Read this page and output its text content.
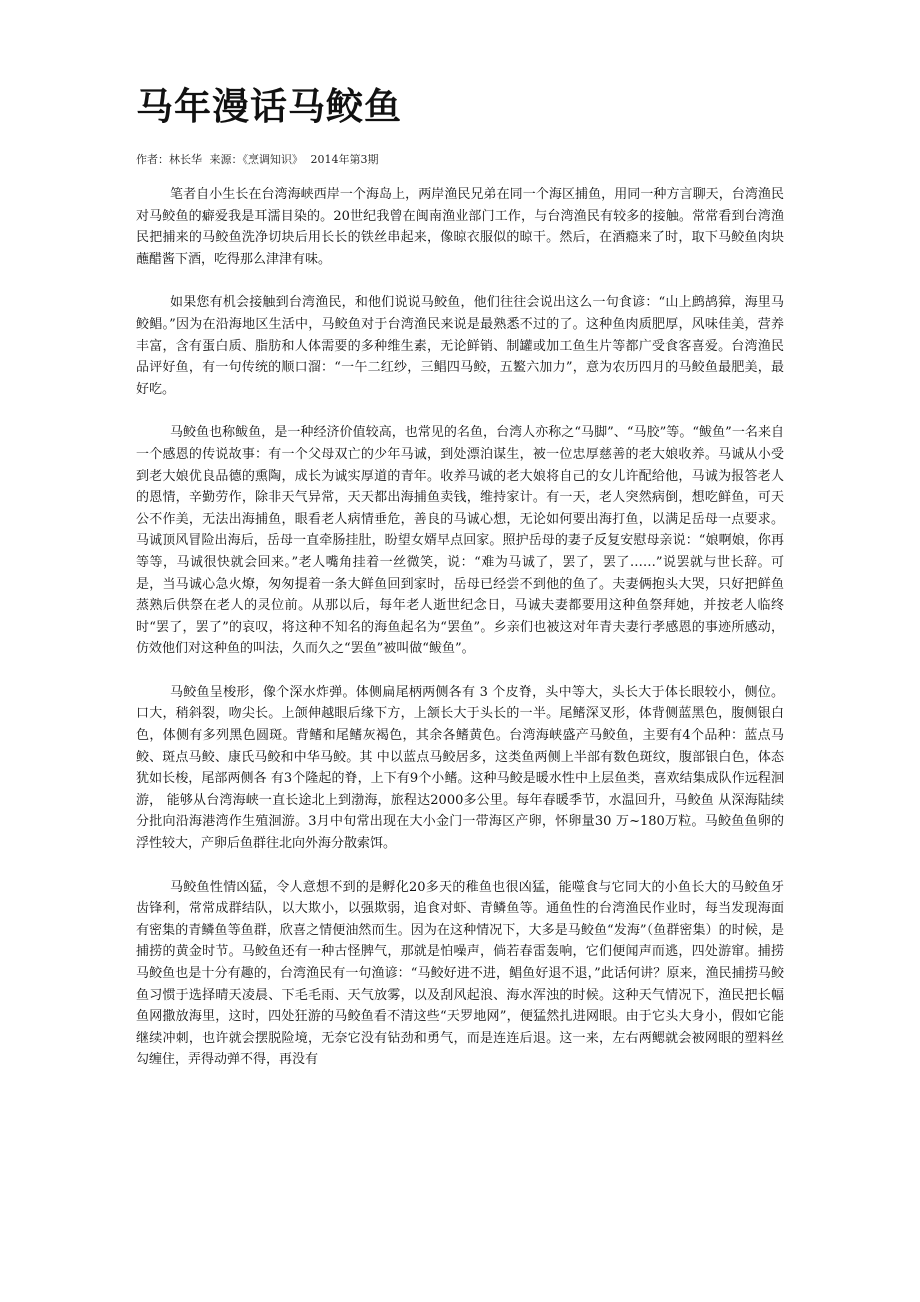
马年漫话马鲛鱼
作者：林长华 来源：《烹调知识》 2014年第3期

笔者自小生长在台湾海峡西岸一个海岛上，两岸渔民兄弟在同一个海区捕鱼，用同一种方言聊天，台湾渔民对马鲛鱼的癖爱我是耳濡目染的。20世纪我曾在闽南渔业部门工作，与台湾渔民有较多的接触。常常看到台湾渔民把捕来的马鲛鱼洗净切块后用长长的铁丝串起来，像晾衣服似的晾干。然后，在酒瘾来了时，取下马鲛鱼肉块蘸醋酱下酒，吃得那么津津有味。

如果您有机会接触到台湾渔民，和他们说说马鲛鱼，他们往往会说出这么一句食谚：“山上鹧鸪獐，海里马鲛鲳。”因为在沿海地区生活中，马鲛鱼对于台湾渔民来说是最熟悉不过的了。这种鱼肉质肥厚，风味佳美，营养丰富，含有蛋白质、脂肪和人体需要的多种维生素，无论鲜销、制罐或加工鱼生片等都广受食客喜爱。台湾渔民品评好鱼，有一句传统的顺口溜：“一午二红纱，三鲳四马鲛，五鳘六加力”，意为农历四月的马鲛鱼最肥美，最好吃。

马鲛鱼也称鲅鱼，是一种经济价值较高，也常见的名鱼，台湾人亦称之“马脚”、“马胶”等。“鲅鱼”一名来自一个感恩的传说故事：有一个父母双亡的少年马诚，到处漂泊谋生，被一位忠厚慈善的老大娘收养。马诚从小受到老大娘优良品德的熏陶，成长为诚实厚道的青年。收养马诚的老大娘将自己的女儿许配给他，马诚为报答老人的恩情，辛勤劳作，除非天气异常，天天都出海捕鱼卖钱，维持家计。有一天，老人突然病倒，想吃鲜鱼，可天公不作美，无法出海捕鱼，眼看老人病情垂危，善良的马诚心想，无论如何要出海打鱼，以满足岳母一点要求。马诚顶风冒险出海后，岳母一直牵肠挂肚，盼望女婿早点回家。照护岳母的妻子反复安慰母亲说：“娘啊娘，你再等等，马诚很快就会回来。”老人嘴角挂着一丝微笑，说：“难为马诚了，罢了，罢了……”说罢就与世长辞。可是，当马诚心急火燎，匆匆提着一条大鲜鱼回到家时，岳母已经尝不到他的鱼了。夫妻俩抱头大哭，只好把鲜鱼蒸熟后供祭在老人的灵位前。从那以后，每年老人逝世纪念日，马诚夫妻都要用这种鱼祭拜她，并按老人临终时“罢了，罢了”的哀叹，将这种不知名的海鱼起名为“罢鱼”。乡亲们也被这对年青夫妻行孝感恩的事迹所感动，仿效他们对这种鱼的叫法，久而久之“罢鱼”被叫做“鲅鱼”。

马鲛鱼呈梭形，像个深水炸弹。体侧扁尾柄两侧各有 3 个皮脊，头中等大，头长大于体长眼较小，侧位。口大，稍斜裂，吻尖长。上颌伸越眼后缘下方，上颔长大于头长的一半。尾鳍深叉形，体背侧蓝黑色，腹侧银白色，体侧有多列黑色圆斑。背鳍和尾鳍灰褐色，其余各鳍黄色。台湾海峡盛产马鲛鱼，主要有4个品种：蓝点马鲛、斑点马鲛、康氏马鲛和中华马鲛。其 中以蓝点马鲛居多，这类鱼两侧上半部有数色斑纹，腹部银白色，体态犹如长梭，尾部两侧各 有3个隆起的脊，上下有9个小鳍。这种马鲛是暖水性中上层鱼类，喜欢结集成队作远程洄游， 能够从台湾海峡一直长途北上到渤海，旅程达2000多公里。每年春暖季节，水温回升，马鲛鱼 从深海陆续分批向沿海港湾作生殖洄游。3月中旬常出现在大小金门一带海区产卵，怀卵量30 万~180万粒。马鲛鱼鱼卵的浮性较大，产卵后鱼群往北向外海分散索饵。

马鲛鱼性情凶猛，令人意想不到的是孵化20多天的稚鱼也很凶猛，能噬食与它同大的小鱼长大的马鲛鱼牙齿锋利，常常成群结队，以大欺小，以强欺弱，追食对虾、青鳞鱼等。通鱼性的台湾渔民作业时，每当发现海面有密集的青鳞鱼等鱼群，欣喜之情便油然而生。因为在这种情况下，大多是马鲛鱼“发海”（鱼群密集）的时候，是捕捞的黄金时节。马鲛鱼还有一种古怪脾气，那就是怕噪声，倘若春雷轰响，它们便闻声而逃，四处游窜。捕捞马鲛鱼也是十分有趣的，台湾渔民有一句渔谚：“马鲛好进不进，鲳鱼好退不退，”此话何讲？原来，渔民捕捞马鲛鱼习惯于选择晴天凌晨、下毛毛雨、天气放雾，以及刮风起浪、海水浑浊的时候。这种天气情况下，渔民把长幅鱼网撒放海里，这时，四处狂游的马鲛鱼看不清这些“天罗地网”，便猛然扎进网眼。由于它头大身小，假如它能继续冲刺，也许就会摆脱险境，无奈它没有钻劲和勇气，而是连连后退。这一来，左右两鳃就会被网眼的塑料丝勾缠住，弄得动弹不得，再没有
